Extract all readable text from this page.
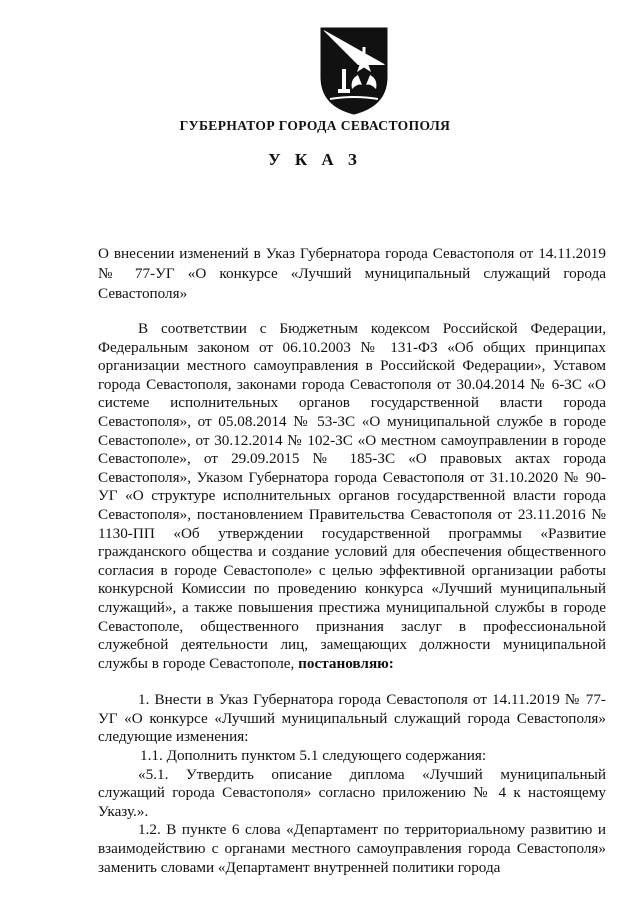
ГУБЕРНАТОР ГОРОДА СЕВАСТОПОЛЯ
У К А З
О внесении изменений в Указ Губернатора города Севастополя от 14.11.2019 № 77-УГ «О конкурсе «Лучший муниципальный служащий города Севастополя»

В соответствии с Бюджетным кодексом Российской Федерации, Федеральным законом от 06.10.2003 № 131-ФЗ «Об общих принципах организации местного самоуправления в Российской Федерации», Уставом города Севастополя, законами города Севастополя от 30.04.2014 № 6-ЗС «О системе исполнительных органов государственной власти города Севастополя», от 05.08.2014 № 53-ЗС «О муниципальной службе в городе Севастополе», от 30.12.2014 № 102-ЗС «О местном самоуправлении в городе Севастополе», от 29.09.2015 № 185-ЗС «О правовых актах города Севастополя», Указом Губернатора города Севастополя от 31.10.2020 № 90-УГ «О структуре исполнительных органов государственной власти города Севастополя», постановлением Правительства Севастополя от 23.11.2016 № 1130-ПП «Об утверждении государственной программы «Развитие гражданского общества и создание условий для обеспечения общественного согласия в городе Севастополе» с целью эффективной организации работы конкурсной Комиссии по проведению конкурса «Лучший муниципальный служащий», а также повышения престижа муниципальной службы в городе Севастополе, общественного признания заслуг в профессиональной служебной деятельности лиц, замещающих должности муниципальной службы в городе Севастополе, постановляю:

1. Внести в Указ Губернатора города Севастополя от 14.11.2019 № 77-УГ «О конкурсе «Лучший муниципальный служащий города Севастополя» следующие изменения:

1.1. Дополнить пунктом 5.1 следующего содержания:

«5.1. Утвердить описание диплома «Лучший муниципальный служащий города Севастополя» согласно приложению № 4 к настоящему Указу.».

1.2. В пункте 6 слова «Департамент по территориальному развитию и взаимодействию с органами местного самоуправления города Севастополя» заменить словами «Департамент внутренней политики города
